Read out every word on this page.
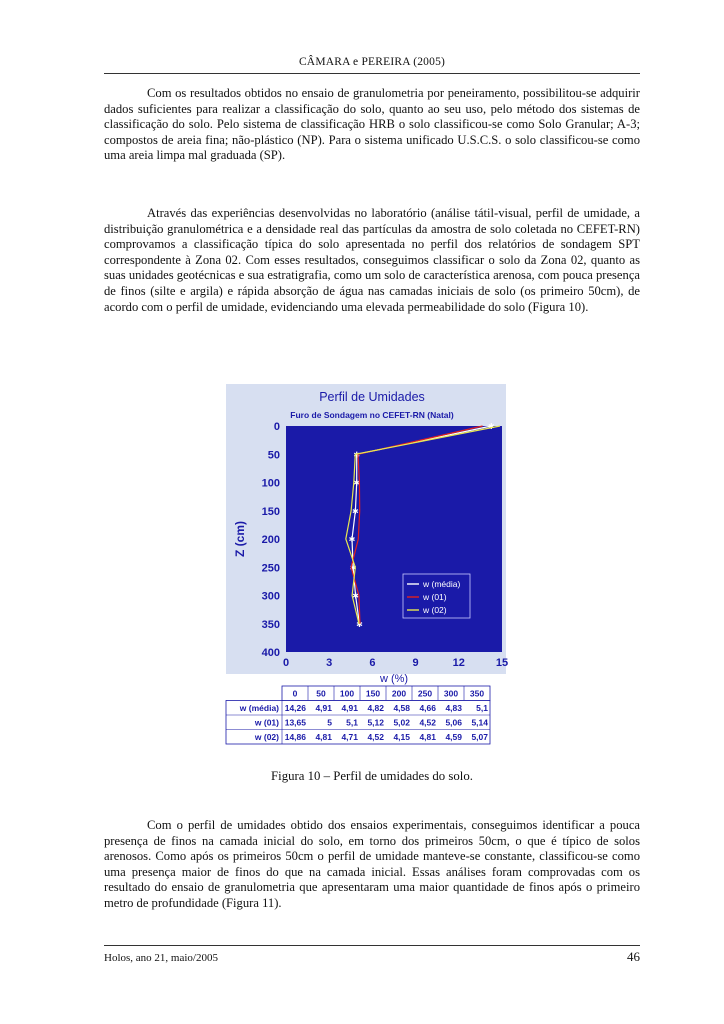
CÂMARA e PEREIRA (2005)

Com os resultados obtidos no ensaio de granulometria por peneiramento, possibilitou-se adquirir dados suficientes para realizar a classificação do solo, quanto ao seu uso, pelo método dos sistemas de classificação do solo. Pelo sistema de classificação HRB o solo classificou-se como Solo Granular; A-3; compostos de areia fina; não-plástico (NP). Para o sistema unificado U.S.C.S. o solo classificou-se como uma areia limpa mal graduada (SP).

Através das experiências desenvolvidas no laboratório (análise tátil-visual, perfil de umidade, a distribuição granulométrica e a densidade real das partículas da amostra de solo coletada no CEFET-RN) comprovamos a classificação típica do solo apresentada no perfil dos relatórios de sondagem SPT correspondente à Zona 02. Com esses resultados, conseguimos classificar o solo da Zona 02, quanto as suas unidades geotécnicas e sua estratigrafia, como um solo de característica arenosa, com pouca presença de finos (silte e argila) e rápida absorção de água nas camadas iniciais de solo (os primeiro 50cm), de acordo com o perfil de umidade, evidenciando uma elevada permeabilidade do solo (Figura 10).

Perfil de Umidades
Furo de Sondagem no CEFET-RN (Natal)
Z (cm)
w (%)
0
50
100
150
200
250
300
350
400
0	3	6	9	12	15
✱
✱
✱
✱
✱
✱
✱
✱
w (média)
w (01)
w (02)
0 50 100 150 200 250 300 350
w (média) 14,26 4,91 4,91 4,82 4,58 4,66 4,83 5,1
w (01) 13,65	5 5,1 5,12 5,02 4,52 5,06 5,14
w (02) 14,86 4,81 4,71 4,52 4,15 4,81 4,59 5,07
Figura 10 – Perfil de umidades do solo.

Com o perfil de umidades obtido dos ensaios experimentais, conseguimos identificar a pouca presença de finos na camada inicial do solo, em torno dos primeiros 50cm, o que é típico de solos arenosos. Como após os primeiros 50cm o perfil de umidade manteve-se constante, classificou-se como uma presença maior de finos do que na camada inicial. Essas análises foram comprovadas com os resultado do ensaio de granulometria que apresentaram uma maior quantidade de finos após o primeiro metro de profundidade (Figura 11).

Holos, ano 21, maio/2005	46
